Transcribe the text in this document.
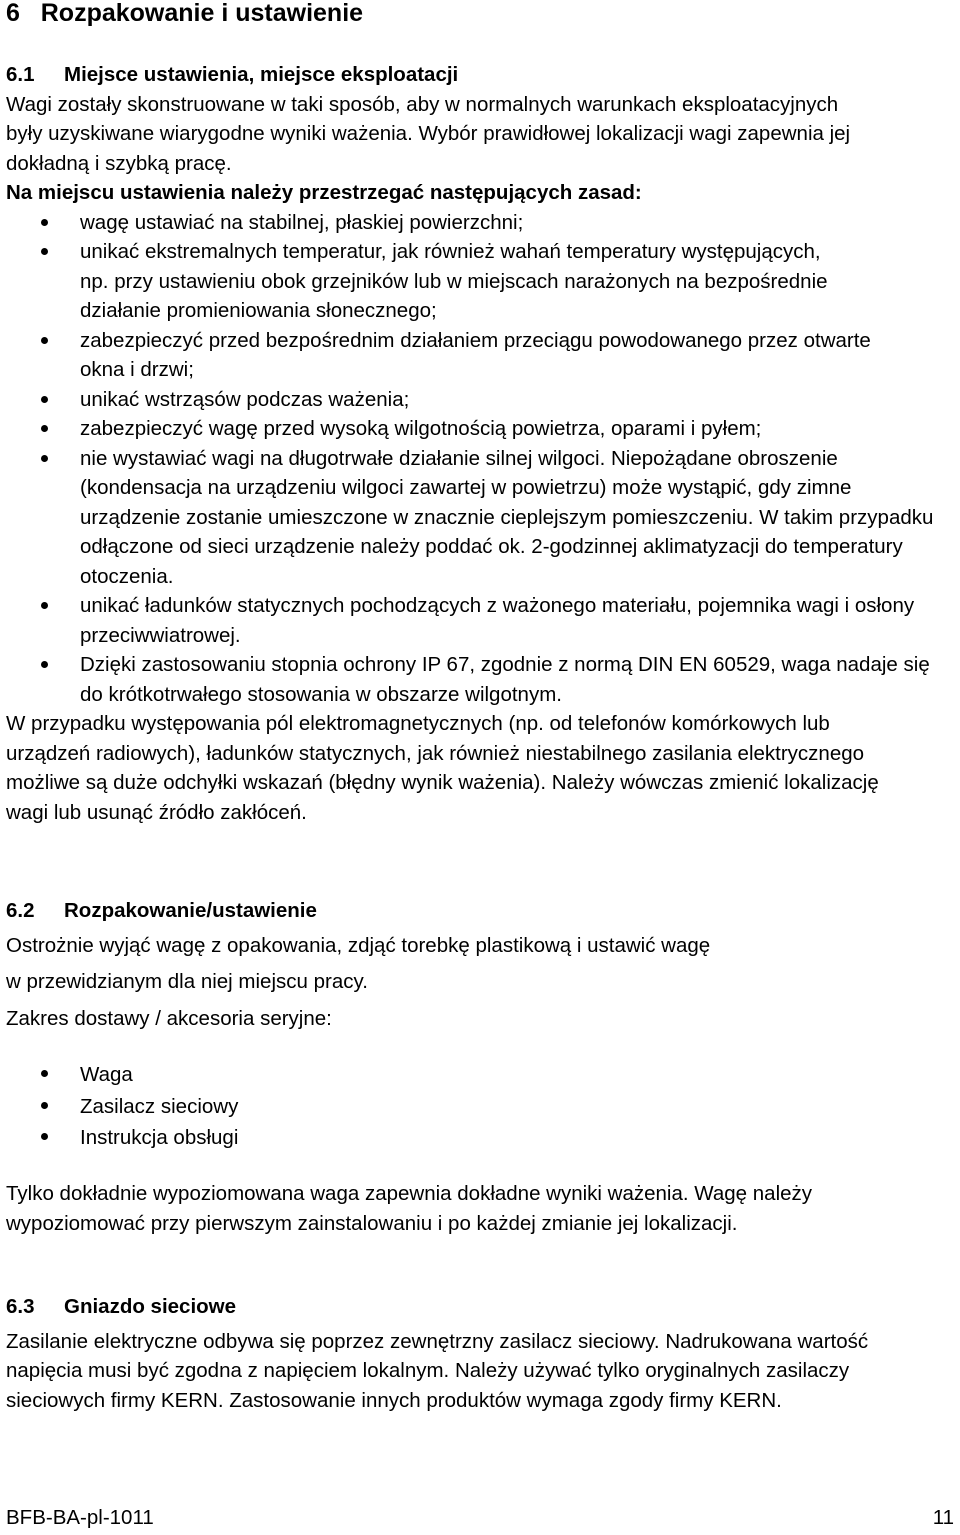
6   Rozpakowanie i ustawienie
6.1 Miejsce ustawienia, miejsce eksploatacji

Wagi zostały skonstruowane w taki sposób, aby w normalnych warunkach eksploatacyjnych były uzyskiwane wiarygodne wyniki ważenia. Wybór prawidłowej lokalizacji wagi zapewnia jej dokładną i szybką pracę.

Na miejscu ustawienia należy przestrzegać następujących zasad:

wagę ustawiać na stabilnej, płaskiej powierzchni;
unikać ekstremalnych temperatur, jak również wahań temperatury występujących, np. przy ustawieniu obok grzejników lub w miejscach narażonych na bezpośrednie działanie promieniowania słonecznego;
zabezpieczyć przed bezpośrednim działaniem przeciągu powodowanego przez otwarte okna i drzwi;
unikać wstrząsów podczas ważenia;
zabezpieczyć wagę przed wysoką wilgotnością powietrza, oparami i pyłem;
nie wystawiać wagi na długotrwałe działanie silnej wilgoci. Niepożądane obroszenie (kondensacja na urządzeniu wilgoci zawartej w powietrzu) może wystąpić, gdy zimne urządzenie zostanie umieszczone w znacznie cieplejszym pomieszczeniu. W takim przypadku odłączone od sieci urządzenie należy poddać ok. 2-godzinnej aklimatyzacji do temperatury otoczenia.
unikać ładunków statycznych pochodzących z ważonego materiału, pojemnika wagi i osłony przeciwwiatrowej.
Dzięki zastosowaniu stopnia ochrony IP 67, zgodnie z normą DIN EN 60529, waga nadaje się do krótkotrwałego stosowania w obszarze wilgotnym.

W przypadku występowania pól elektromagnetycznych (np. od telefonów komórkowych lub urządzeń radiowych), ładunków statycznych, jak również niestabilnego zasilania elektrycznego możliwe są duże odchyłki wskazań (błędny wynik ważenia). Należy wówczas zmienić lokalizację wagi lub usunąć źródło zakłóceń.

6.2 Rozpakowanie/ustawienie

Ostrożnie wyjąć wagę z opakowania, zdjąć torebkę plastikową i ustawić wagę

w przewidzianym dla niej miejscu pracy.

Zakres dostawy / akcesoria seryjne:

Waga
Zasilacz sieciowy
Instrukcja obsługi

Tylko dokładnie wypoziomowana waga zapewnia dokładne wyniki ważenia. Wagę należy wypoziomować przy pierwszym zainstalowaniu i po każdej zmianie jej lokalizacji.

6.3 Gniazdo sieciowe

Zasilanie elektryczne odbywa się poprzez zewnętrzny zasilacz sieciowy. Nadrukowana wartość napięcia musi być zgodna z napięciem lokalnym. Należy używać tylko oryginalnych zasilaczy sieciowych firmy KERN. Zastosowanie innych produktów wymaga zgody firmy KERN.

BFB-BA-pl-1011	11
